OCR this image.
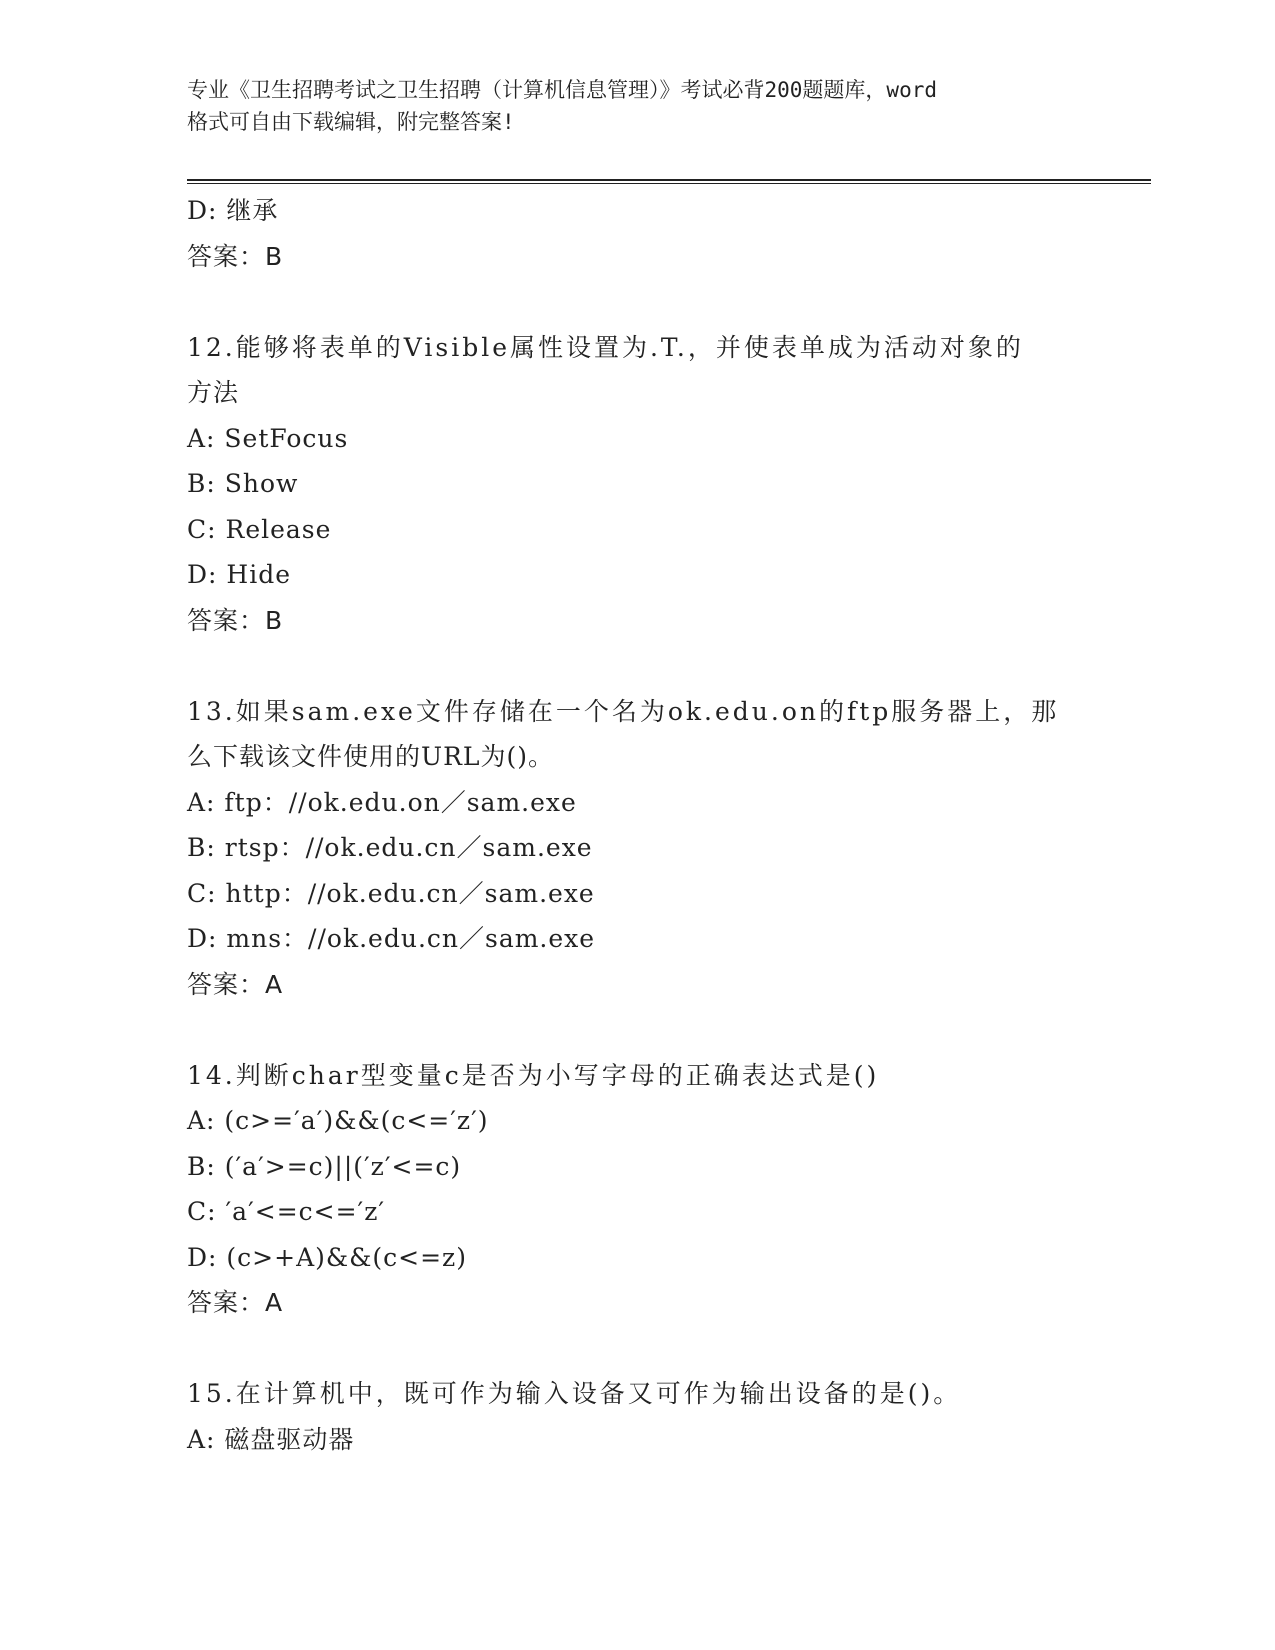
专业《卫生招聘考试之卫生招聘（计算机信息管理）》考试必背200题题库，word
格式可自由下载编辑，附完整答案!
D: 继承
答案：B
12.能够将表单的Visible属性设置为.T.，并使表单成为活动对象的
方法
A: SetFocus
B: Show
C: Release
D: Hide
答案：B
13.如果sam.exe文件存储在一个名为ok.edu.on的ftp服务器上，那
么下载该文件使用的URL为()。
A: ftp：//ok.edu.on／sam.exe
B: rtsp：//ok.edu.cn／sam.exe
C: http：//ok.edu.cn／sam.exe
D: mns：//ok.edu.cn／sam.exe
答案：A
14.判断char型变量c是否为小写字母的正确表达式是()
A: (c>=′a′)&&(c<=′z′)
B: (′a′>=c)||(′z′<=c)
C: ′a′<=c<=′z′
D: (c>+A)&&(c<=z)
答案：A
15.在计算机中，既可作为输入设备又可作为输出设备的是()。
A: 磁盘驱动器
